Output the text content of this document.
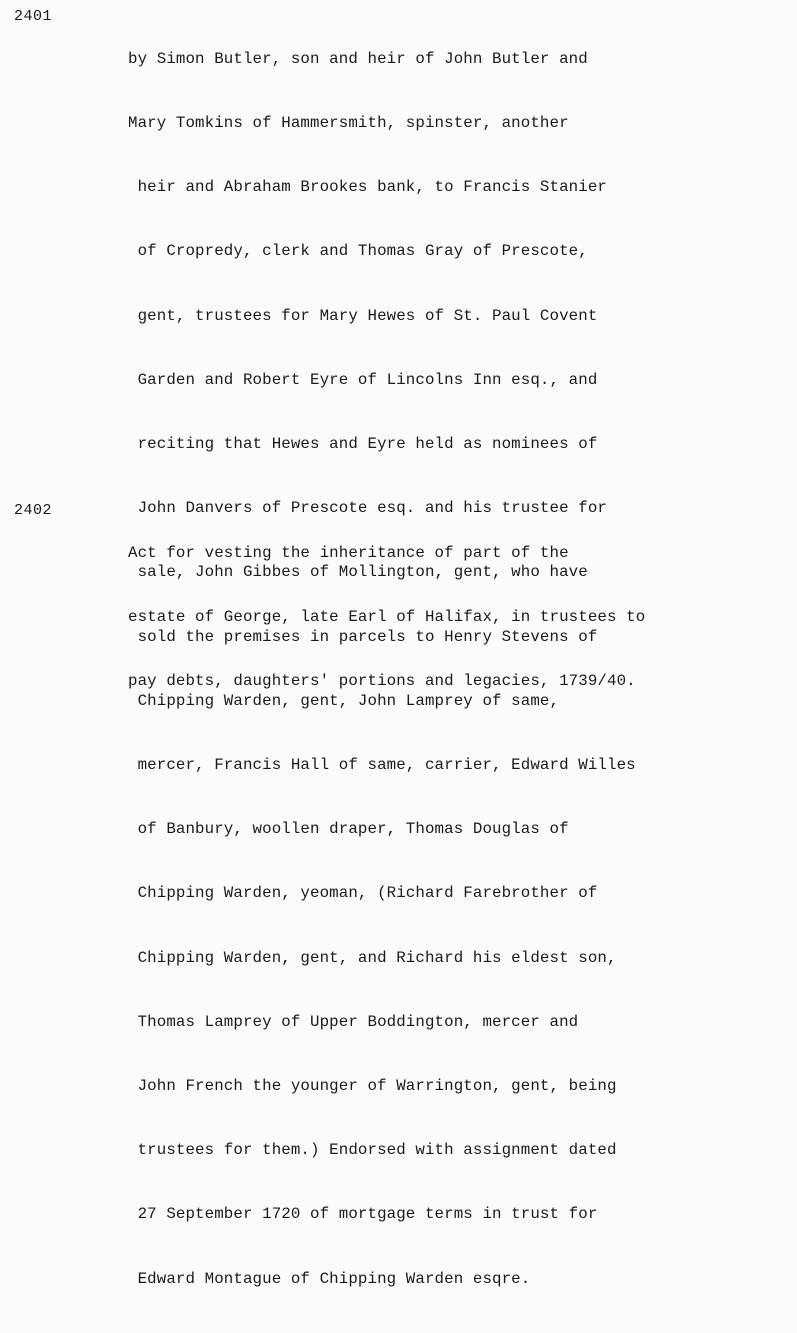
2401

by Simon Butler, son and heir of John Butler and

Mary Tomkins of Hammersmith, spinster, another

heir and Abraham Brookes bank, to Francis Stanier

of Cropredy, clerk and Thomas Gray of Prescote,

gent, trustees for Mary Hewes of St. Paul Covent

Garden and Robert Eyre of Lincolns Inn esq., and

reciting that Hewes and Eyre held as nominees of

John Danvers of Prescote esq. and his trustee for

sale, John Gibbes of Mollington, gent, who have

sold the premises in parcels to Henry Stevens of

Chipping Warden, gent, John Lamprey of same,

mercer, Francis Hall of same, carrier, Edward Willes

of Banbury, woollen draper, Thomas Douglas of

Chipping Warden, yeoman, (Richard Farebrother of

Chipping Warden, gent, and Richard his eldest son,

Thomas Lamprey of Upper Boddington, mercer and

John French the younger of Warrington, gent, being

trustees for them.) Endorsed with assignment dated

27 September 1720 of mortgage terms in trust for

Edward Montague of Chipping Warden esqre.

2402

Act for vesting the inheritance of part of the

estate of George, late Earl of Halifax, in trustees to

pay debts, daughters' portions and legacies, 1739/40.
